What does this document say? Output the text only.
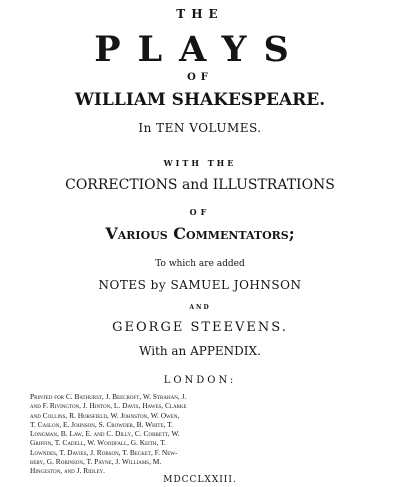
THE
PLAYS
OF
WILLIAM SHAKESPEARE.
In TEN VOLUMES.
WITH THE
CORRECTIONS and ILLUSTRATIONS
OF
Various Commentators;
To which are added
NOTES by SAMUEL JOHNSON
AND
GEORGE STEEVENS.
With an APPENDIX.
LONDON:
Printed for C. Bathurst, J. Beecroft, W. Strahan, J.
and F. Rivington, J. Hinton, L. Davis, Hawes, Clarke
and Collins, R. Horsfield, W. Johnston, W. Owen,
T. Caslon, E. Johnson, S. Crowder, B. White, T.
Longman, B. Law, E. and C. Dilly, C. Corbett, W.
Griffin, T. Cadell, W. Woodfall, G. Keith, T.
Lowndes, T. Davies, J. Robson, T. Becket, F. New-
bery, G. Robinson, T. Payne, J. Williams, M.
Hingeston, and J. Ridley.
MDCCLXXIII.
